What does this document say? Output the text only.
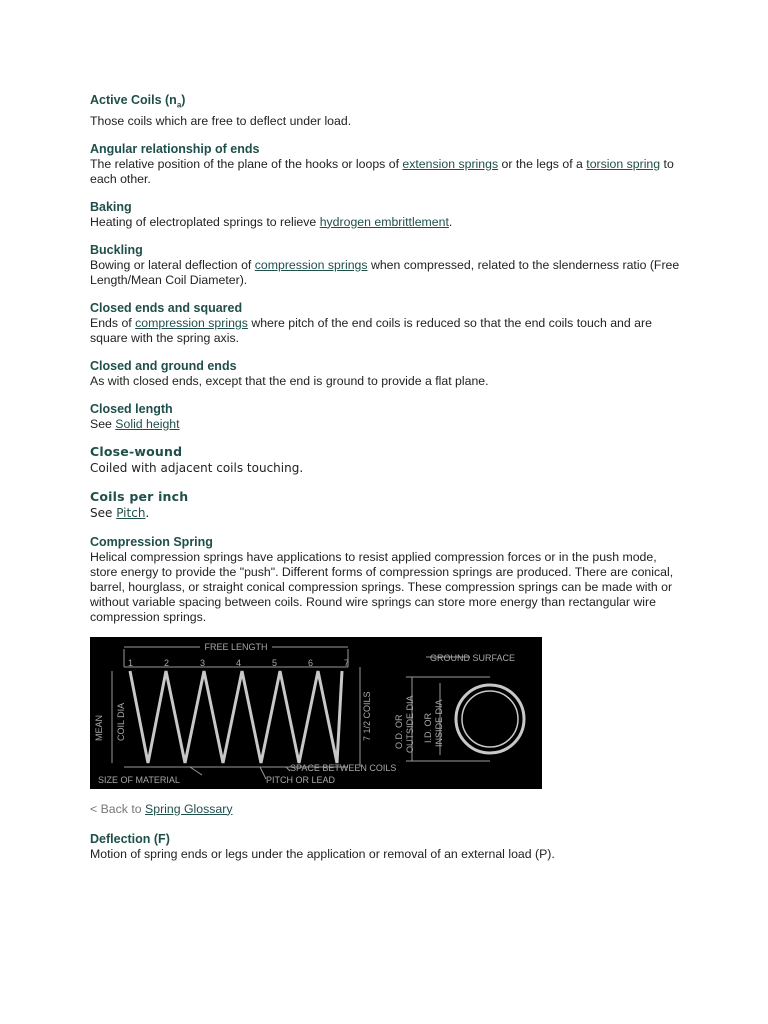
Active Coils $(n_a)$

Those coils which are free to deflect under load.

Angular relationship of ends

The relative position of the plane of the hooks or loops of extension springs or the legs of a torsion spring to each other.

Baking

Heating of electroplated springs to relieve hydrogen embrittlement.

Buckling

Bowing or lateral deflection of compression springs when compressed, related to the slenderness ratio (Free Length/Mean Coil Diameter).

Closed ends and squared

Ends of compression springs where pitch of the end coils is reduced so that the end coils touch and are square with the spring axis.

Closed and ground ends

As with closed ends, except that the end is ground to provide a flat plane.

Closed length

See Solid height

Close-wound

Coiled with adjacent coils touching.

Coils per inch

See Pitch.

Compression Spring

Helical compression springs have applications to resist applied compression forces or in the push mode, store energy to provide the "push". Different forms of compression springs are produced. There are conical, barrel, hourglass, or straight conical compression springs. These compression springs can be made with or without variable spacing between coils. Round wire springs can store more energy than rectangular wire compression springs.

FREE LENGTH
GROUND SURFACE
SPACE BETWEEN COILS
PITCH OR LEAD
SIZE OF MATERIAL
MEAN COIL DIA	7 1/2 COILS O.D. OR OUTSIDE DIA I.D. OR INSIDE DIA
1	2	3	4	5	6	7

< Back to Spring Glossary

Deflection (F)

Motion of spring ends or legs under the application or removal of an external load (P).
